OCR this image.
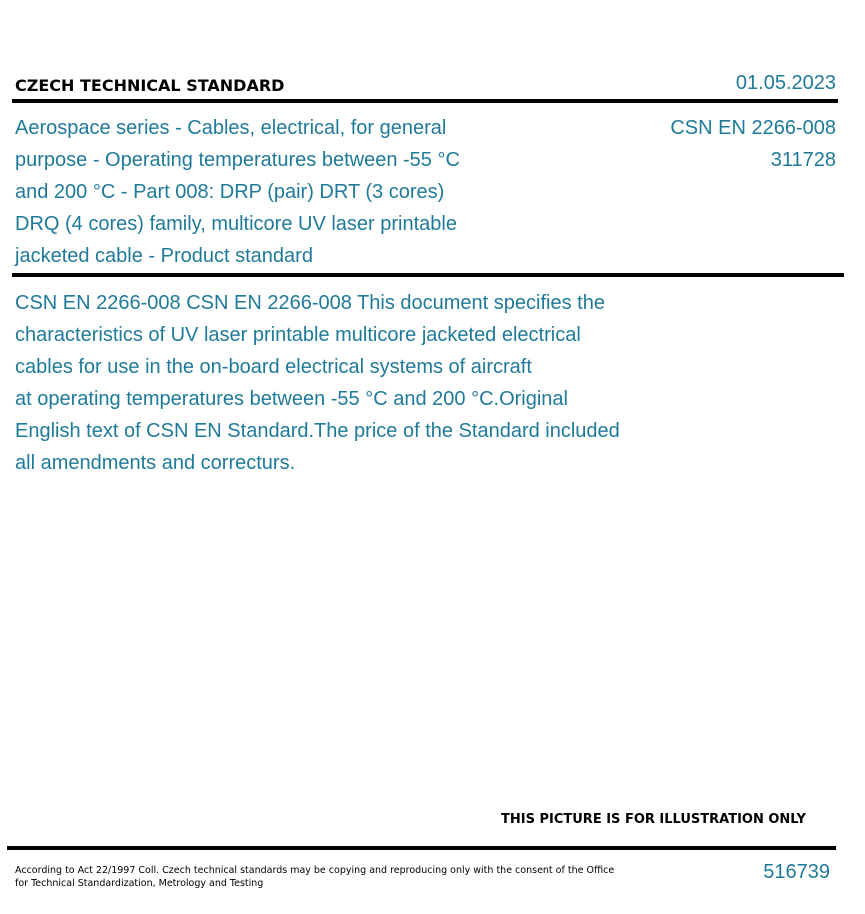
CZECH TECHNICAL STANDARD	01.05.2023
Aerospace series - Cables, electrical, for general
purpose - Operating temperatures between -55 °C
and 200 °C - Part 008: DRP (pair) DRT (3 cores)
DRQ (4 cores) family, multicore UV laser printable
jacketed cable - Product standard
CSN EN 2266-008
311728
CSN EN 2266-008 CSN EN 2266-008 This document specifies the
characteristics of UV laser printable multicore jacketed electrical
cables for use in the on-board electrical systems of aircraft
at operating temperatures between -55 °C and 200 °C.Original
English text of CSN EN Standard.The price of the Standard included
all amendments and correcturs.
THIS PICTURE IS FOR ILLUSTRATION ONLY
According to Act 22/1997 Coll. Czech technical standards may be copying and reproducing only with the consent of the Office
for Technical Standardization, Metrology and Testing
516739
